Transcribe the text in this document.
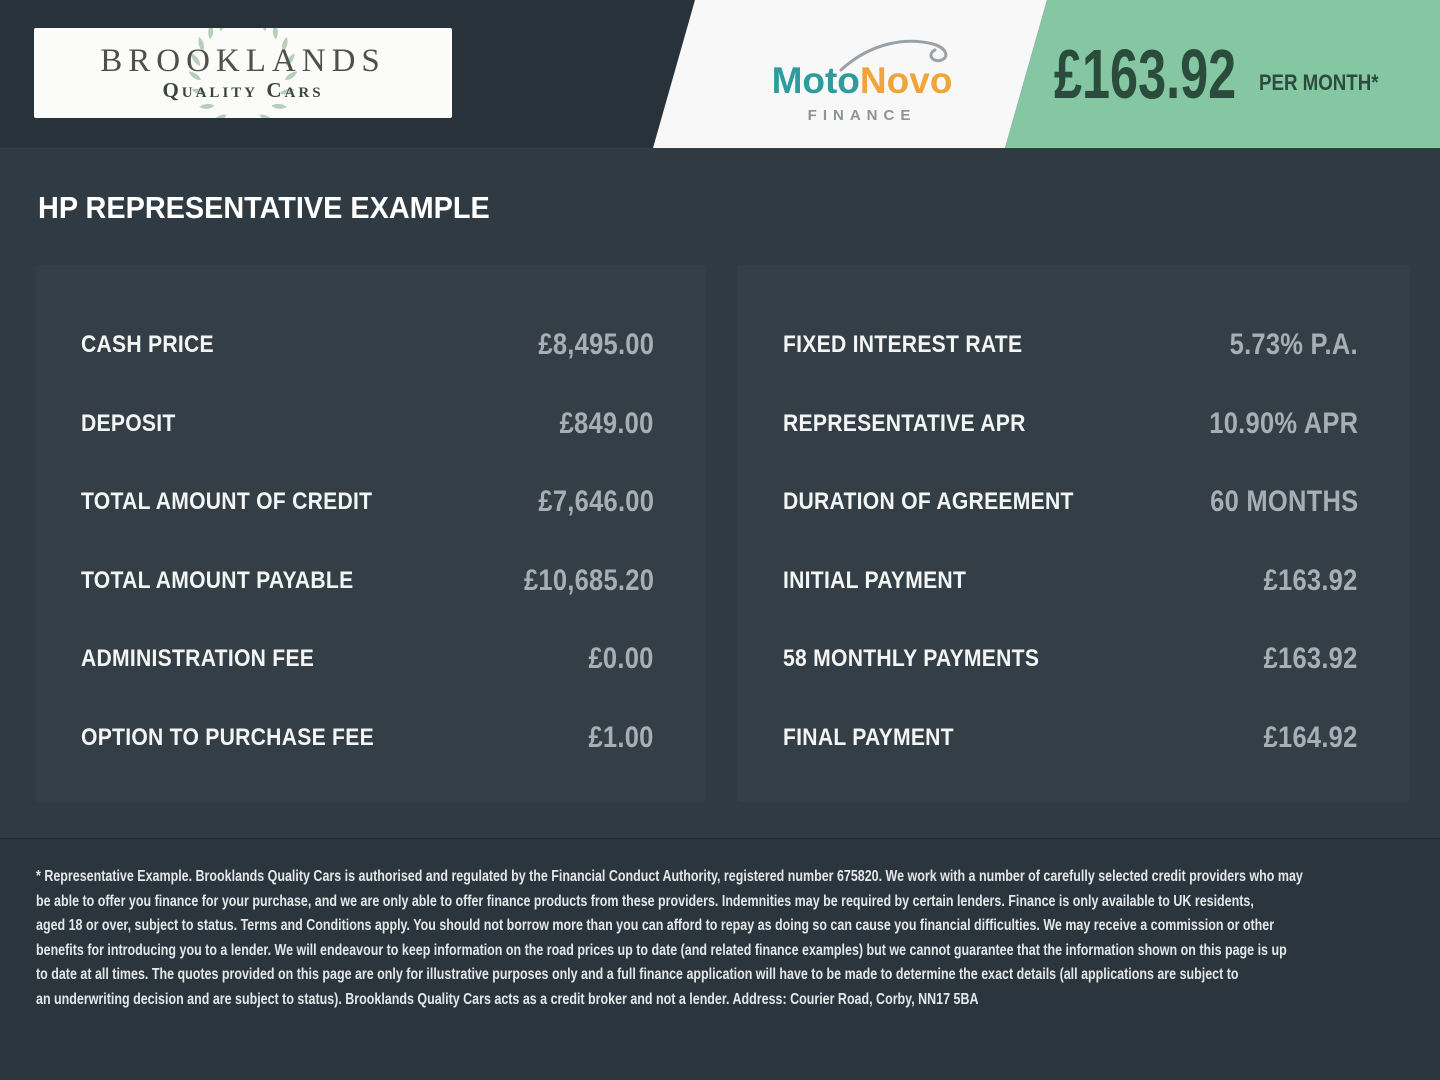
BROOKLANDS
Quality Cars	MotoNovo
FINANCE
£163.92 PER MONTH*
HP REPRESENTATIVE EXAMPLE
CASH PRICE	£8,495.00
DEPOSIT	£849.00
TOTAL AMOUNT OF CREDIT	£7,646.00
TOTAL AMOUNT PAYABLE	£10,685.20
ADMINISTRATION FEE	£0.00
OPTION TO PURCHASE FEE	£1.00
FIXED INTEREST RATE	5.73% P.A.
REPRESENTATIVE APR	10.90% APR
DURATION OF AGREEMENT	60 MONTHS
INITIAL PAYMENT	£163.92
58 MONTHLY PAYMENTS	£163.92
FINAL PAYMENT	£164.92
* Representative Example. Brooklands Quality Cars is authorised and regulated by the Financial Conduct Authority, registered number 675820. We work with a number of carefully selected credit providers who may
be able to offer you finance for your purchase, and we are only able to offer finance products from these providers. Indemnities may be required by certain lenders. Finance is only available to UK residents,
aged 18 or over, subject to status. Terms and Conditions apply. You should not borrow more than you can afford to repay as doing so can cause you financial difficulties. We may receive a commission or other
benefits for introducing you to a lender. We will endeavour to keep information on the road prices up to date (and related finance examples) but we cannot guarantee that the information shown on this page is up
to date at all times. The quotes provided on this page are only for illustrative purposes only and a full finance application will have to be made to determine the exact details (all applications are subject to
an underwriting decision and are subject to status). Brooklands Quality Cars acts as a credit broker and not a lender. Address: Courier Road, Corby, NN17 5BA
